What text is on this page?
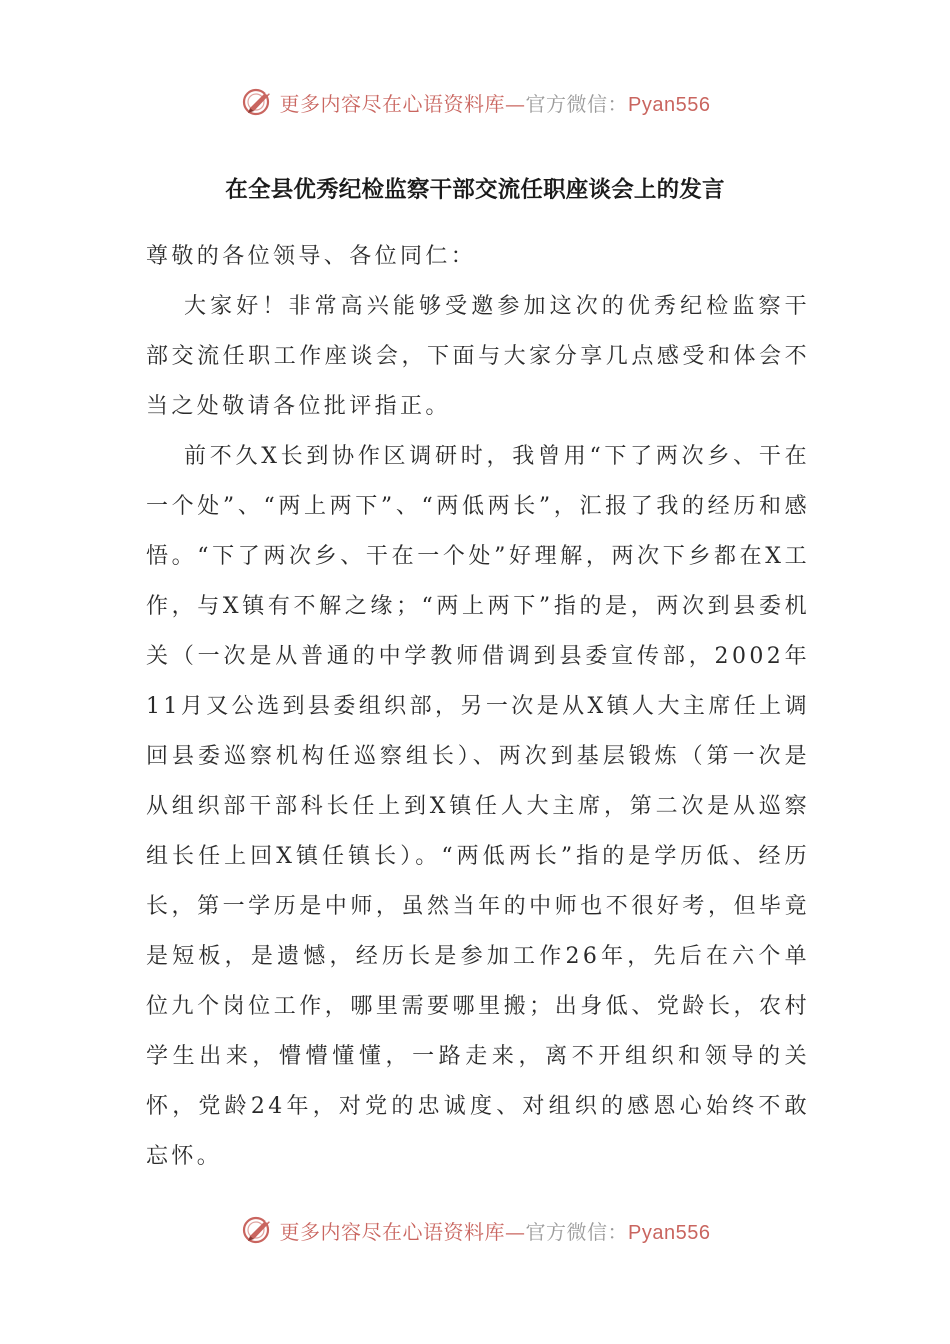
更多内容尽在心语资料库—官方微信：Pyan556
在全县优秀纪检监察干部交流任职座谈会上的发言

尊敬的各位领导、各位同仁：

大家好！非常高兴能够受邀参加这次的优秀纪检监察干部交流任职工作座谈会，下面与大家分享几点感受和体会不当之处敬请各位批评指正。

前不久X长到协作区调研时，我曾用“下了两次乡、干在一个处”、“两上两下”、“两低两长”，汇报了我的经历和感悟。“下了两次乡、干在一个处”好理解，两次下乡都在X工作，与X镇有不解之缘；“两上两下”指的是，两次到县委机关（一次是从普通的中学教师借调到县委宣传部，2002年11月又公选到县委组织部，另一次是从X镇人大主席任上调回县委巡察机构任巡察组长）、两次到基层锻炼（第一次是从组织部干部科长任上到X镇任人大主席，第二次是从巡察组长任上回X镇任镇长）。“两低两长”指的是学历低、经历长，第一学历是中师，虽然当年的中师也不很好考，但毕竟是短板，是遗憾，经历长是参加工作26年，先后在六个单位九个岗位工作，哪里需要哪里搬；出身低、党龄长，农村学生出来，懵懵懂懂，一路走来，离不开组织和领导的关怀，党龄24年，对党的忠诚度、对组织的感恩心始终不敢忘怀。

更多内容尽在心语资料库—官方微信：Pyan556
